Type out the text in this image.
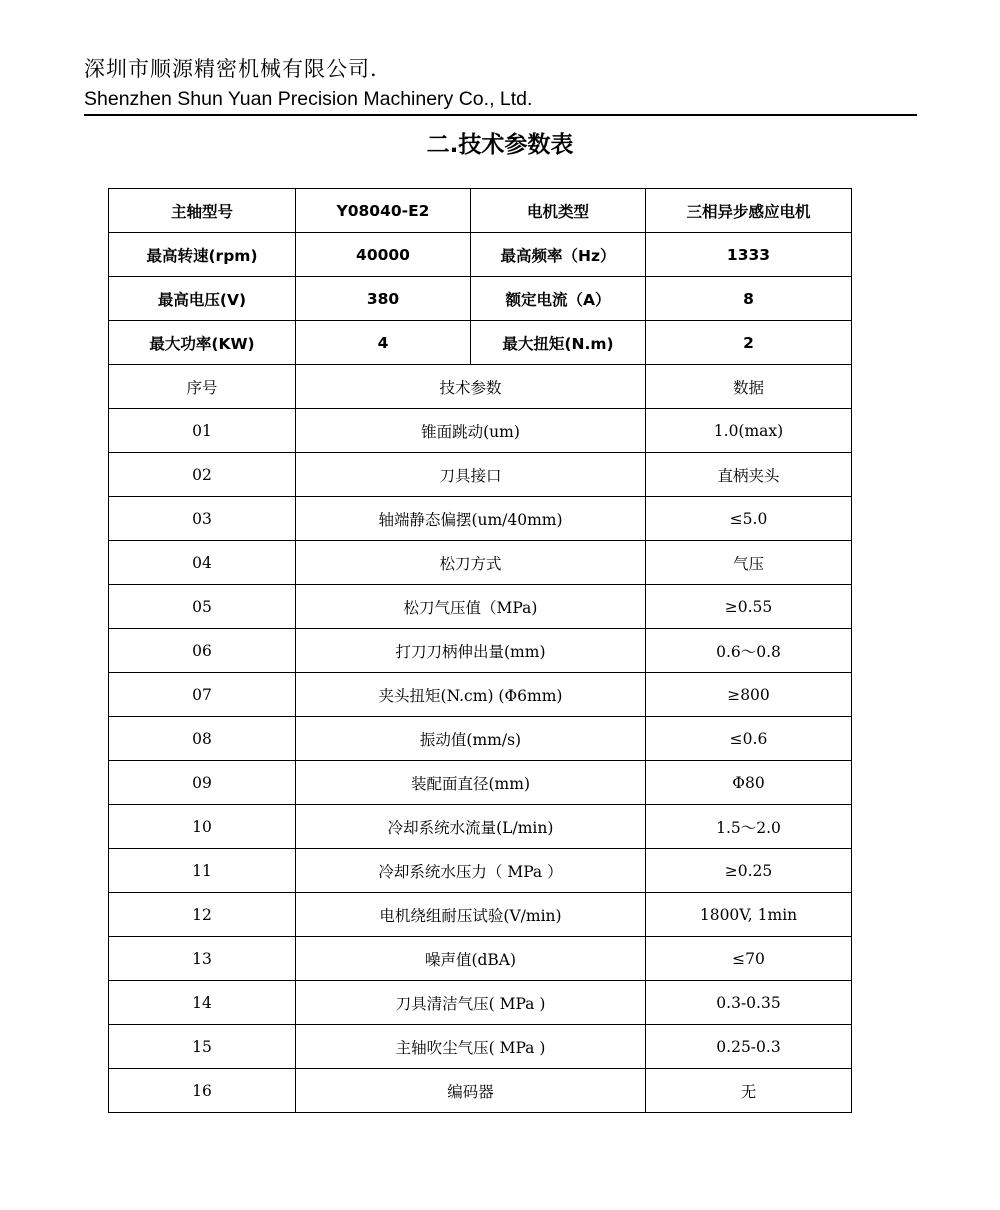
深圳市顺源精密机械有限公司.
Shenzhen Shun Yuan Precision Machinery Co., Ltd.
二.技术参数表
主轴型号	Y08040-E2	电机类型	三相异步感应电机
最高转速(rpm)	40000	最高频率（Hz）	1333
最高电压(V)	380	额定电流（A）	8
最大功率(KW)	4	最大扭矩(N.m)	2
序号	技术参数		数据
01	锥面跳动(um)		1.0(max)
02	刀具接口		直柄夹头
03	轴端静态偏摆(um/40mm)		≤5.0
04	松刀方式		气压
05	松刀气压值（MPa)		≥0.55
06	打刀刀柄伸出量(mm)		0.6～0.8
07	夹头扭矩(N.cm) (Φ6mm)		≥800
08	振动值(mm/s)		≤0.6
09	装配面直径(mm)		Φ80
10	冷却系统水流量(L/min)		1.5～2.0
11	冷却系统水压力（ MPa ）		≥0.25
12	电机绕组耐压试验(V/min)		1800V, 1min
13	噪声值(dBA)		≤70
14	刀具清洁气压( MPa )		0.3-0.35
15	主轴吹尘气压( MPa )		0.25-0.3
16	编码器		无
